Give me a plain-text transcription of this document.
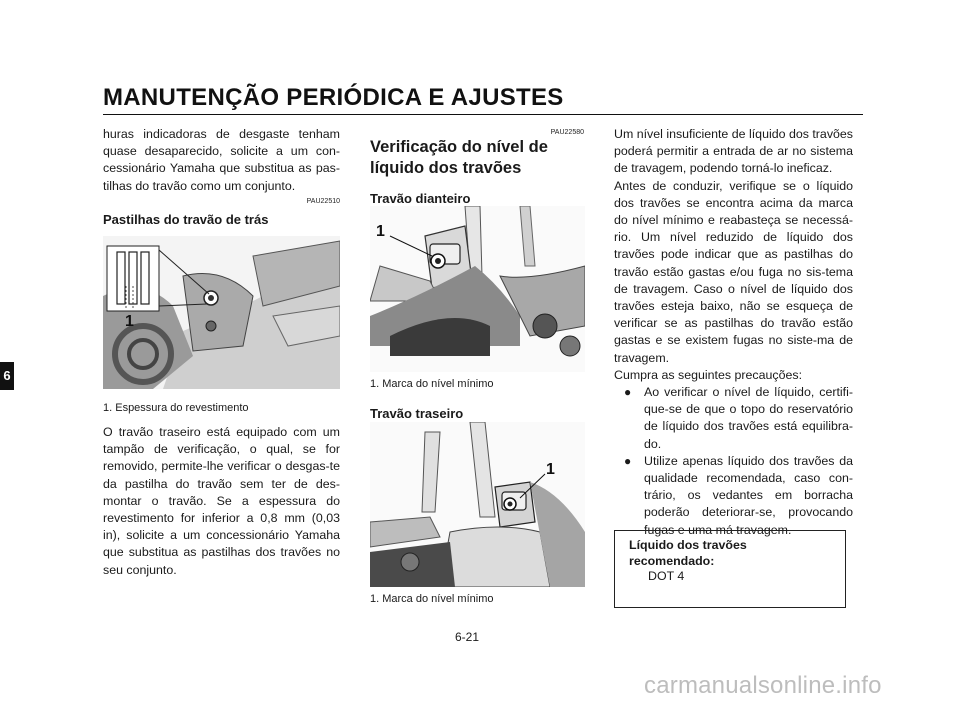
MANUTENÇÃO PERIÓDICA E AJUSTES
6
huras indicadoras de desgaste tenham quase desaparecido, solicite a um con-cessionário Yamaha que substitua as pas-tilhas do travão como um conjunto.
PAU22510
Pastilhas do travão de trás
1
1. Espessura do revestimento
O travão traseiro está equipado com um tampão de verificação, o qual, se for removido, permite-lhe verificar o desgas-te da pastilha do travão sem ter de des-montar o travão. Se a espessura do revestimento for inferior a 0,8 mm (0,03 in), solicite a um concessionário Yamaha que substitua as pastilhas dos travões no seu conjunto.
PAU22580
Verificação do nível de líquido dos travões
Travão dianteiro
1
1. Marca do nível mínimo
Travão traseiro
1
1. Marca do nível mínimo
Um nível insuficiente de líquido dos travões poderá permitir a entrada de ar no sistema de travagem, podendo torná-lo ineficaz.
Antes de conduzir, verifique se o líquido dos travões se encontra acima da marca do nível mínimo e reabasteça se necessá-rio. Um nível reduzido de líquido dos travões pode indicar que as pastilhas do travão estão gastas e/ou fuga no sis-tema de travagem. Caso o nível de líquido dos travões esteja baixo, não se esqueça de verificar se as pastilhas do travão estão gastas e se existem fugas no siste-ma de travagem.
Cumpra as seguintes precauções:
● Ao verificar o nível de líquido, certifi-que-se de que o topo do reservatório de líquido dos travões está equilibra-do.
● Utilize apenas líquido dos travões da qualidade recomendada, caso con-trário, os vedantes em borracha poderão deteriorar-se, provocando fugas e uma má travagem.
Líquido dos travões recomendado:
DOT 4
6-21
carmanualsonline.info
